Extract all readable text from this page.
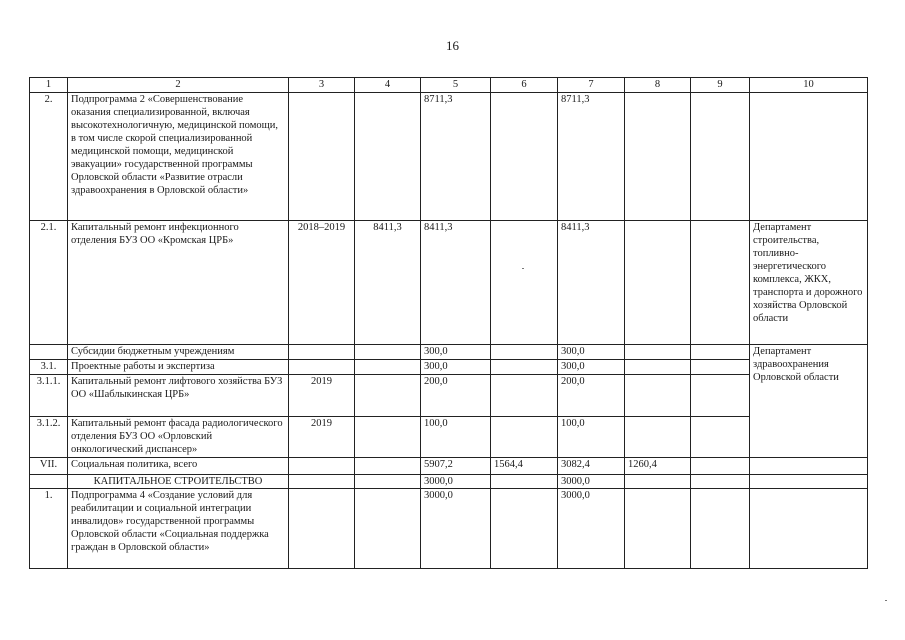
16
1	2	3	4	5	6	7	8	9	10
2.	Подпрограмма 2 «Совершенствование оказания специализированной, включая высокотехнологичную, медицинской помощи, в том числе скорой специализированной медицинской помощи, медицинской эвакуации» государственной программы Орловской области «Развитие отрасли здравоохранения в Орловской области»			8711,3		8711,3			
2.1.	Капитальный ремонт инфекционного отделения БУЗ ОО «Кромская ЦРБ»	2018–2019	8411,3	8411,3		8411,3			Департамент строительства, топливно-энергетического комплекса, ЖКХ, транспорта и дорожного хозяйства Орловской области
	Субсидии бюджетным учреждениям			300,0		300,0			Департамент здравоохранения Орловской области
3.1.	Проектные работы и экспертиза			300,0		300,0			
3.1.1.	Капитальный ремонт лифтового хозяйства БУЗ ОО «Шаблыкинская ЦРБ»	2019		200,0		200,0			
3.1.2.	Капитальный ремонт фасада радиологического отделения БУЗ ОО «Орловский онкологический диспансер»	2019		100,0		100,0			
VII.	Социальная политика, всего			5907,2	1564,4	3082,4	1260,4		
	КАПИТАЛЬНОЕ СТРОИТЕЛЬСТВО			3000,0		3000,0			
1.	Подпрограмма 4 «Создание условий для реабилитации и социальной интеграции инвалидов» государственной программы Орловской области «Социальная поддержка граждан в Орловской области»			3000,0		3000,0			
